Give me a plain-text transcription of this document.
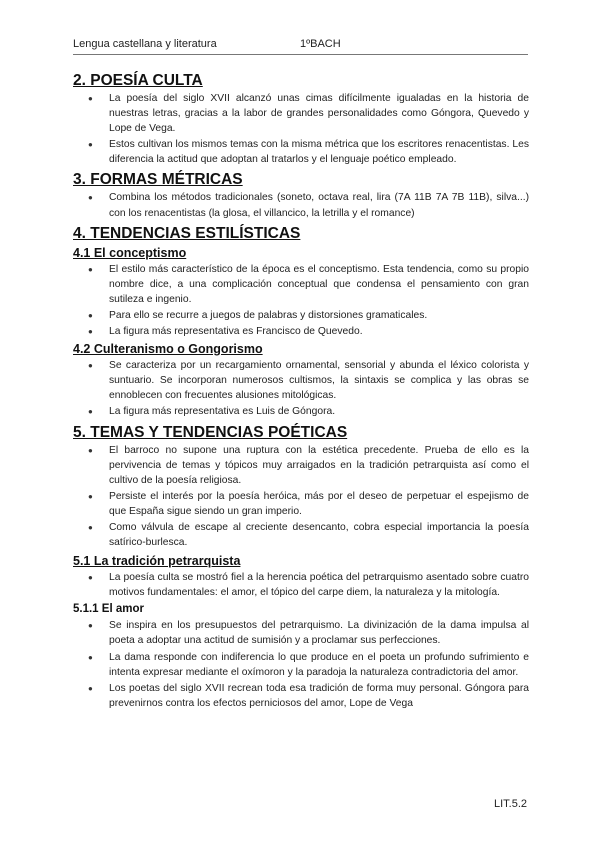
Lengua castellana y literatura	1ºBACH
2. POESÍA CULTA
● La poesía del siglo XVII alcanzó unas cimas difícilmente igualadas en la historia de nuestras letras, gracias a la labor de grandes personalidades como Góngora, Quevedo y Lope de Vega.
● Estos cultivan los mismos temas con la misma métrica que los escritores renacentistas. Les diferencia la actitud que adoptan al tratarlos y el lenguaje poético empleado.
3. FORMAS MÉTRICAS
● Combina los métodos tradicionales (soneto, octava real, lira (7A 11B 7A 7B 11B), silva...) con los renacentistas (la glosa, el villancico, la letrilla y el romance)
4. TENDENCIAS ESTILÍSTICAS
4.1 El conceptismo
● El estilo más característico de la época es el conceptismo. Esta tendencia, como su propio nombre dice, a una complicación conceptual que condensa el pensamiento con gran sutileza e ingenio.
● Para ello se recurre a juegos de palabras y distorsiones gramaticales.
● La figura más representativa es Francisco de Quevedo.
4.2 Culteranismo o Gongorismo
● Se caracteriza por un recargamiento ornamental, sensorial y abunda el léxico colorista y suntuario. Se incorporan numerosos cultismos, la sintaxis se complica y las obras se ennoblecen con frecuentes alusiones mitológicas.
● La figura más representativa es Luis de Góngora.
5. TEMAS Y TENDENCIAS POÉTICAS
● El barroco no supone una ruptura con la estética precedente. Prueba de ello es la pervivencia de temas y tópicos muy arraigados en la tradición petrarquista así como el cultivo de la poesía religiosa.
● Persiste el interés por la poesía heróica, más por el deseo de perpetuar el espejismo de que España sigue siendo un gran imperio.
● Como válvula de escape al creciente desencanto, cobra especial importancia la poesía satírico-burlesca.
5.1 La tradición petrarquista
● La poesía culta se mostró fiel a la herencia poética del petrarquismo asentado sobre cuatro motivos fundamentales: el amor, el tópico del carpe diem, la naturaleza y la mitología.
5.1.1 El amor
● Se inspira en los presupuestos del petrarquismo. La divinización de la dama impulsa al poeta a adoptar una actitud de sumisión y a proclamar sus perfecciones.
● La dama responde con indiferencia lo que produce en el poeta un profundo sufrimiento e intenta expresar mediante el oxímoron y la paradoja la naturaleza contradictoria del amor.
● Los poetas del siglo XVII recrean toda esa tradición de forma muy personal. Góngora para prevenirnos contra los efectos perniciosos del amor, Lope de Vega
LIT.5.2
